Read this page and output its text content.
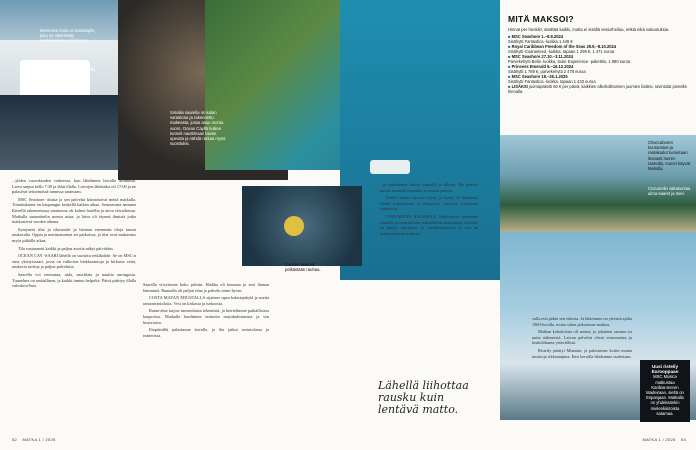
Meirovien luola on kalastajille, joka on näkemätty merkkikalusta vakiintunut.
Atrium-aukiolla riittää shoppailua kesäisin ja talvella.
Simalia saarella on kalan varastona ja rakennettu makeasta, jossa asuu monta vuoro. Ocean Cayllä kulkee tunneli nauttimaan laivan upeutta ja nähdä rantaa myös suosituksi.
Cedola näkemä pelkästään rauhaa.

...yhden vuorokauden vaiheessa, kun lähdimme laivalla Miamista. Laiva saapui kello 7:30 ja lähti illalla. Laivojen lähtöaika oli 17:00 ja ne palasivat seitsemässä tunnissa satamaan.

MSC Seashore -alusta ja sen palvelut kiinnostivat meitä matkalla. Toimituksena on kaupungin keskellä kaiken aikaa. Seuraavana aamuna Kiteellä rakennetussa satamassa oli kolme hotellia ja aitoa vierailtavaa. Matkalla suunnittelin monta asiaa, ja laiva oli täynnä ihmisiä jotka matkustivat vuoden aikana.

Syntyneet tilat ja tilavuudet ja hieman enemmän tiloja tuntui mukavalta. Oppia ja merimaisemat eri paikoissa, ja tilat ovat mukavuus myös pitkälle aikaa.

Tila vastaanotti kaikki ja paljon asioita näkyi päivittäin.

OCEAN CAY -SAARI lähellä on suosittu retkikohde. Se on MSC:n oma yksityissaari, jossa on valkoisia hiekkarantoja ja kirkasta vettä, mukavia tuoleja ja paljon palveluita.

Saarella voi rentoutua, uida, snorklata ja nauttia auringosta. Tunnelma on rauhallinen, ja kaikki tuntuu helpolta. Päivä päättyy illalla valoshow'hun.	Saarella viivyimme koko päivän. Hiekka oli kuumaa ja vesi ihanan lämmintä. Rannalla oli paljon tilaa ja palvelu toimi hyvin.

COSTA MAYAN EDUSTALLA sijaitsee upea kalastajakylä ja useita rantaravintoloita. Vesi on kirkasta ja turkoosia.

Ranta-alue tarjosi monenlaista tekemistä, ja kiertelimme paikallisissa kaupoissa. Matkalla kuulimme tarinoita mayakulttuurista ja sen historiasta.

Iltapäivällä palasimme laivalle, ja ilta jatkui ravintolassa ja teatterissa.

...ja tapahtumia laivan kannella ja ulkona. Ilta päättyi laivan kannella musiikin ja tanssin parissa.

Kaikki tuntui sujuvan hyvin, ja hymy oli herkässä. Uudet kokemukset ja elämykset odottivat jokaisessa satamassa.

COZUMELIN SAARELLA Meksikossa kävimme rannalla ja tutustuimme paikalliseen kulttuuriin. Saarella on paljon snorklaus- ja sukelluskohteita, ja vesi on uskomattoman kirkasta.

Lähellä liihottaa rausku kuin lentävä matto.
MITÄ MAKSOI?
Hinnat per henkilö, sisältää kaikki, mutta ei sisällä vesiurheilua, retkiä eikä vakuutuksia.
■ MSC Seashore 1.–8.9.2024
Sisähytti Fantastica -luokka 1 449 €
■ Royal Caribbean Freedom of the Seas 29.9.–8.10.2024
Sisähytti Guaranteed -luokka, tapaan 1 299 €, 1 471 euroa
■ MSC Seashore 27.10.–3.11.2024
Parvekehytti Bella -luokka, Suite Experience -pakettiin, 1 980 euroa
■ Princess Emerald 6.–16.12.2024
Sisähytti 1 789 €, parvekehytti 2 478 euroa
■ MSC Seashore 19.–26.1.2025
Sisähytti Fantastica -luokka, tapaan 1 433 euroa
■ LISÄKSI juomapaketti 60 € per päivä, kaikkien alkoholittomien juomien lisäksi, ravintolat pienellä hinnalla.
Chaccaboren kouramiset ja rantakadut tunnetaan ihanasti meren rannalla, monet käyvät Mekolla.
Cozumelin valtakuntaa uima-saaret ja meri.

valla että pidän sen eduista. Ja lähtömme on yleensä ajalta 1960-luvulla, mutta sitten jatkoimme matkaa.

Matkan kohokohtia oli monia, ja jokainen satama toi uutta näkemistä. Laivan palvelut olivat erinomaisia ja henkilökunta ystävällistä.

Risteily päättyi Miamiin, ja palasimme kotiin monia muistoja rikkaampina. Ensi kerralla lähdemme uudestaan.

Uusi risteily Eurooppaan
MSC Musica matkustaa Karibianmeren Madeiraan, sieltä on Espanjaan. Matkalla on yhdeksänkin mielenkiintoista satamaa.
52 MATKA 1 / 2025	MATKA 1 / 2025 53
